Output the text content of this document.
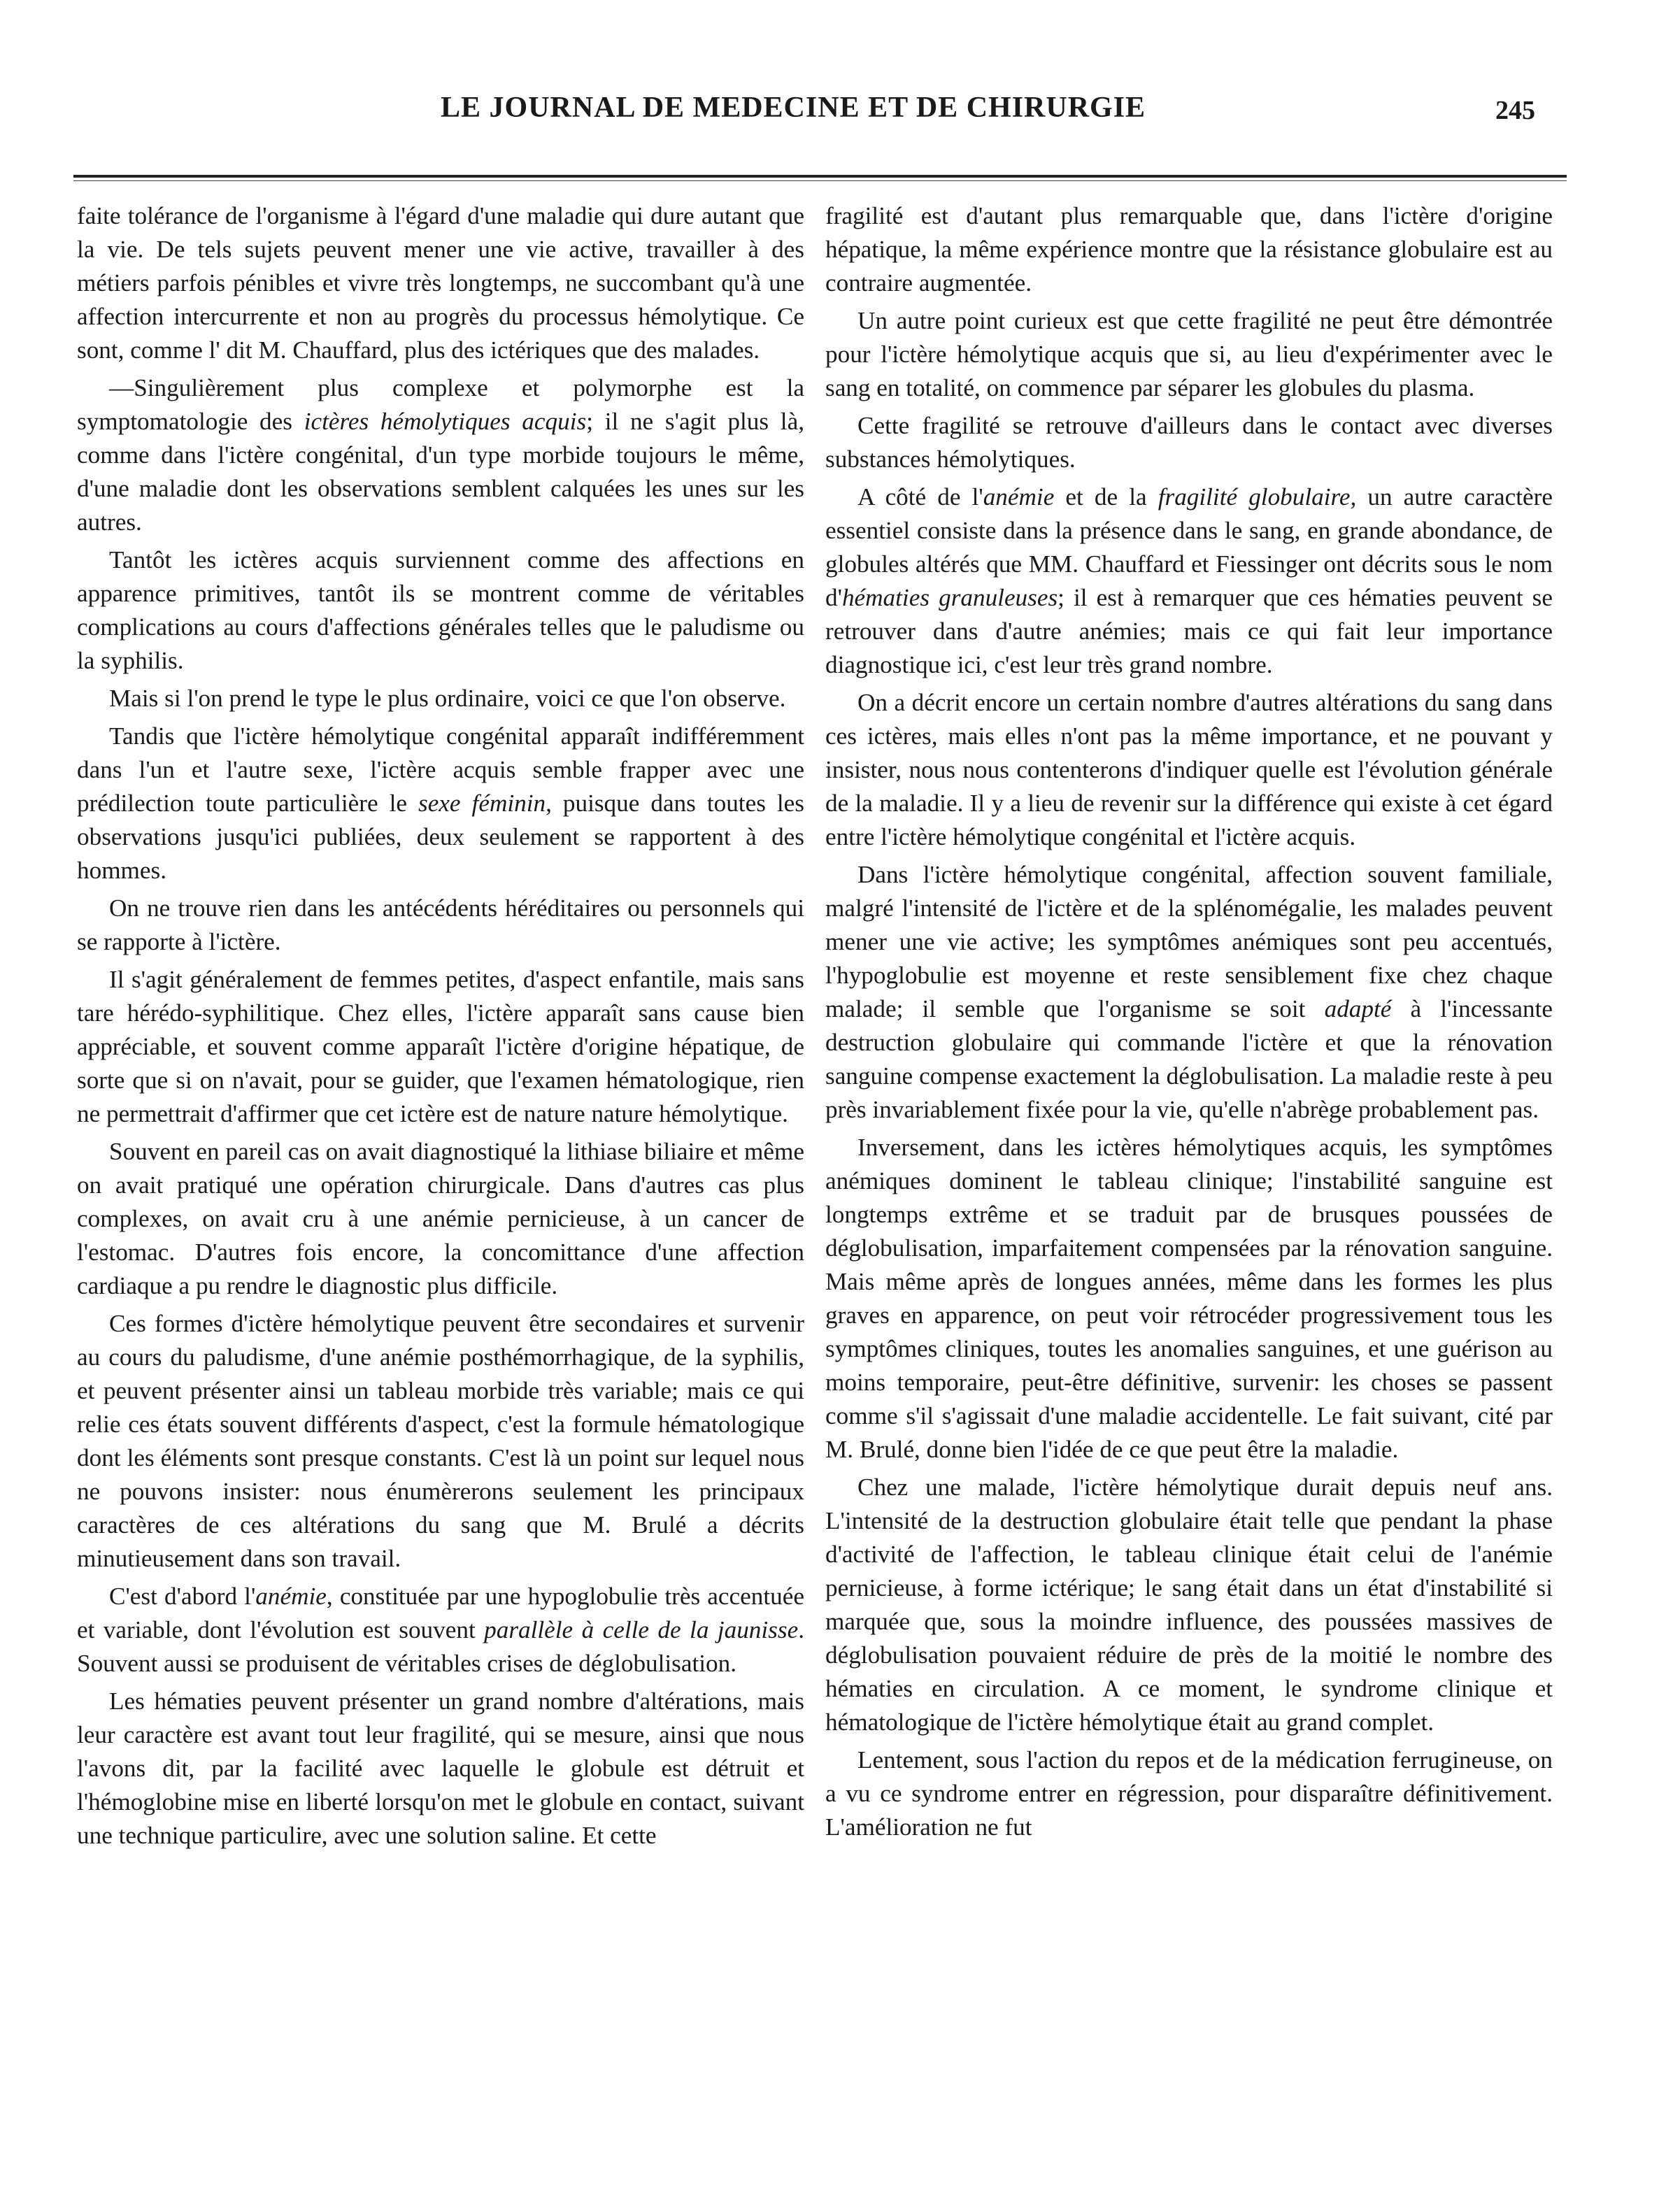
LE JOURNAL DE MEDECINE ET DE CHIRURGIE	245

faite tolérance de l'organisme à l'égard d'une maladie qui dure autant que la vie. De tels sujets peuvent mener une vie active, travailler à des métiers parfois pénibles et vivre très longtemps, ne succombant qu'à une affection intercurrente et non au progrès du processus hémolytique. Ce sont, comme l' dit M. Chauffard, plus des ictériques que des malades.

—Singulièrement plus complexe et polymorphe est la symptomatologie des ictères hémolytiques acquis; il ne s'agit plus là, comme dans l'ictère congénital, d'un type morbide toujours le même, d'une maladie dont les observations semblent calquées les unes sur les autres.

Tantôt les ictères acquis surviennent comme des affections en apparence primitives, tantôt ils se montrent comme de véritables complications au cours d'affections générales telles que le paludisme ou la syphilis.

Mais si l'on prend le type le plus ordinaire, voici ce que l'on observe.

Tandis que l'ictère hémolytique congénital apparaît indifféremment dans l'un et l'autre sexe, l'ictère acquis semble frapper avec une prédilection toute particulière le sexe féminin, puisque dans toutes les observations jusqu'ici publiées, deux seulement se rapportent à des hommes.

On ne trouve rien dans les antécédents héréditaires ou personnels qui se rapporte à l'ictère.

Il s'agit généralement de femmes petites, d'aspect enfantile, mais sans tare hérédo-syphilitique. Chez elles, l'ictère apparaît sans cause bien appréciable, et souvent comme apparaît l'ictère d'origine hépatique, de sorte que si on n'avait, pour se guider, que l'examen hématologique, rien ne permettrait d'affirmer que cet ictère est de nature nature hémolytique.

Souvent en pareil cas on avait diagnostiqué la lithiase biliaire et même on avait pratiqué une opération chirurgicale. Dans d'autres cas plus complexes, on avait cru à une anémie pernicieuse, à un cancer de l'estomac. D'autres fois encore, la concomittance d'une affection cardiaque a pu rendre le diagnostic plus difficile.

Ces formes d'ictère hémolytique peuvent être secondaires et survenir au cours du paludisme, d'une anémie posthémorrhagique, de la syphilis, et peuvent présenter ainsi un tableau morbide très variable; mais ce qui relie ces états souvent différents d'aspect, c'est la formule hématologique dont les éléments sont presque constants. C'est là un point sur lequel nous ne pouvons insister: nous énumèrerons seulement les principaux caractères de ces altérations du sang que M. Brulé a décrits minutieusement dans son travail.

C'est d'abord l'anémie, constituée par une hypoglobulie très accentuée et variable, dont l'évolution est souvent parallèle à celle de la jaunisse. Souvent aussi se produisent de véritables crises de déglobulisation.

Les hématies peuvent présenter un grand nombre d'altérations, mais leur caractère est avant tout leur fragilité, qui se mesure, ainsi que nous l'avons dit, par la facilité avec laquelle le globule est détruit et l'hémoglobine mise en liberté lorsqu'on met le globule en contact, suivant une technique particulire, avec une solution saline. Et cette

fragilité est d'autant plus remarquable que, dans l'ictère d'origine hépatique, la même expérience montre que la résistance globulaire est au contraire augmentée.

Un autre point curieux est que cette fragilité ne peut être démontrée pour l'ictère hémolytique acquis que si, au lieu d'expérimenter avec le sang en totalité, on commence par séparer les globules du plasma.

Cette fragilité se retrouve d'ailleurs dans le contact avec diverses substances hémolytiques.

A côté de l'anémie et de la fragilité globulaire, un autre caractère essentiel consiste dans la présence dans le sang, en grande abondance, de globules altérés que MM. Chauffard et Fiessinger ont décrits sous le nom d'hématies granuleuses; il est à remarquer que ces hématies peuvent se retrouver dans d'autre anémies; mais ce qui fait leur importance diagnostique ici, c'est leur très grand nombre.

On a décrit encore un certain nombre d'autres altérations du sang dans ces ictères, mais elles n'ont pas la même importance, et ne pouvant y insister, nous nous contenterons d'indiquer quelle est l'évolution générale de la maladie. Il y a lieu de revenir sur la différence qui existe à cet égard entre l'ictère hémolytique congénital et l'ictère acquis.

Dans l'ictère hémolytique congénital, affection souvent familiale, malgré l'intensité de l'ictère et de la splénomégalie, les malades peuvent mener une vie active; les symptômes anémiques sont peu accentués, l'hypoglobulie est moyenne et reste sensiblement fixe chez chaque malade; il semble que l'organisme se soit adapté à l'incessante destruction globulaire qui commande l'ictère et que la rénovation sanguine compense exactement la déglobulisation. La maladie reste à peu près invariablement fixée pour la vie, qu'elle n'abrège probablement pas.

Inversement, dans les ictères hémolytiques acquis, les symptômes anémiques dominent le tableau clinique; l'instabilité sanguine est longtemps extrême et se traduit par de brusques poussées de déglobulisation, imparfaitement compensées par la rénovation sanguine. Mais même après de longues années, même dans les formes les plus graves en apparence, on peut voir rétrocéder progressivement tous les symptômes cliniques, toutes les anomalies sanguines, et une guérison au moins temporaire, peut-être définitive, survenir: les choses se passent comme s'il s'agissait d'une maladie accidentelle. Le fait suivant, cité par M. Brulé, donne bien l'idée de ce que peut être la maladie.

Chez une malade, l'ictère hémolytique durait depuis neuf ans. L'intensité de la destruction globulaire était telle que pendant la phase d'activité de l'affection, le tableau clinique était celui de l'anémie pernicieuse, à forme ictérique; le sang était dans un état d'instabilité si marquée que, sous la moindre influence, des poussées massives de déglobulisation pouvaient réduire de près de la moitié le nombre des hématies en circulation. A ce moment, le syndrome clinique et hématologique de l'ictère hémolytique était au grand complet.

Lentement, sous l'action du repos et de la médication ferrugineuse, on a vu ce syndrome entrer en régression, pour disparaître définitivement. L'amélioration ne fut
